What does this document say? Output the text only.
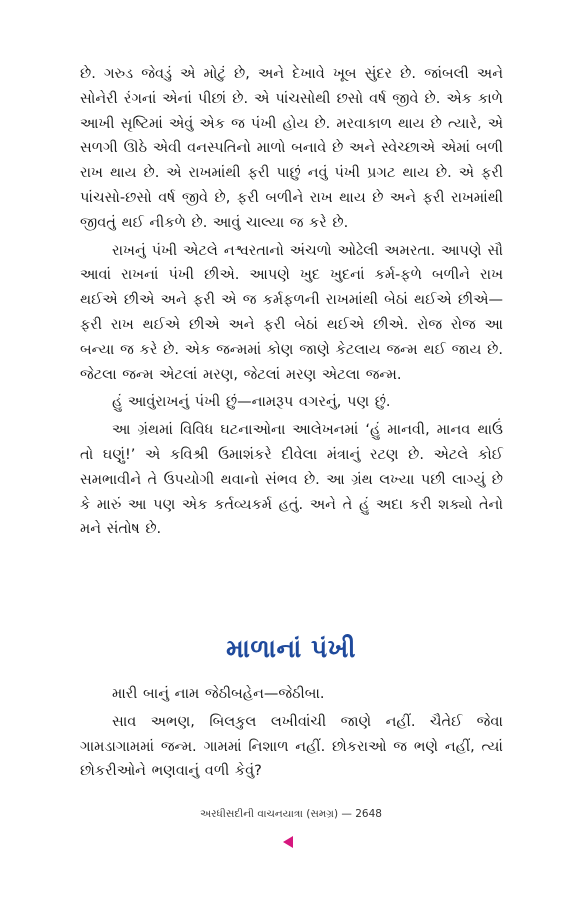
છે. ગરુડ જેવડું એ મોટું છે, અને દેખાવે ખૂબ સુંદર છે. જાંબલી અને સોનેરી રંગનાં એનાં પીછાં છે. એ પાંચસોથી છસો વર્ષ જીવે છે. એક કાળે આખી સૃષ્ટિમાં એવું એક જ પંખી હોય છે. મરવાકાળ થાય છે ત્યારે, એ સળગી ઊઠે એવી વનસ્પતિનો માળો બનાવે છે અને સ્વેચ્છાએ એમાં બળી રાખ થાય છે. એ રાખમાંથી ફરી પાછું નવું પંખી પ્રગટ થાય છે. એ ફરી પાંચસો-છસો વર્ષ જીવે છે, ફરી બળીને રાખ થાય છે અને ફરી રાખમાંથી જીવતું થઈ નીકળે છે. આવું ચાલ્યા જ કરે છે.

રાખનું પંખી એટલે નશ્વરતાનો અંચળો ઓઢેલી અમરતા. આપણે સૌ આવાં રાખનાં પંખી છીએ. આપણે ખુદ ખુદનાં કર્મ-ફળે બળીને રાખ થઈએ છીએ અને ફરી એ જ કર્મફળની રાખમાંથી બેઠાં થઈએ છીએ—ફરી રાખ થઈએ છીએ અને ફરી બેઠાં થઈએ છીએ. રોજ રોજ આ બન્યા જ કરે છે. એક જન્મમાં કોણ જાણે કેટલાય જન્મ થઈ જાય છે. જેટલા જન્મ એટલાં મરણ, જેટલાં મરણ એટલા જન્મ.

હું આવુંરાખનું પંખી છું—નામરૂપ વગરનું, પણ છું.

આ ગ્રંથમાં વિવિધ ઘટનાઓના આલેખનમાં ‘હું માનવી, માનવ થાઉં તો ઘણું!’ એ કવિશ્રી ઉમાશંકરે દીવેલા મંત્રાનું રટણ છે. એટલે કોઈ સમભાવીને તે ઉપયોગી થવાનો સંભવ છે. આ ગ્રંથ લખ્યા પછી લાગ્યું છે કે મારું આ પણ એક કર્તવ્યકર્મ હતું. અને તે હું અદા કરી શક્યો તેનો મને સંતોષ છે.

માળાનાં પંખી

મારી બાનું નામ જેઠીબહેન—જેઠીબા.

સાવ અભણ, બિલકુલ લખીવાંચી જાણે નહીં. ચૈતેઈ જેવા ગામડાગામમાં જન્મ. ગામમાં નિશાળ નહીં. છોકરાઓ જ ભણે નહીં, ત્યાં છોકરીઓને ભણવાનું વળી કેવું?

અરધીસદીની વાચનયાત્રા (સમગ્ર) — 2648
